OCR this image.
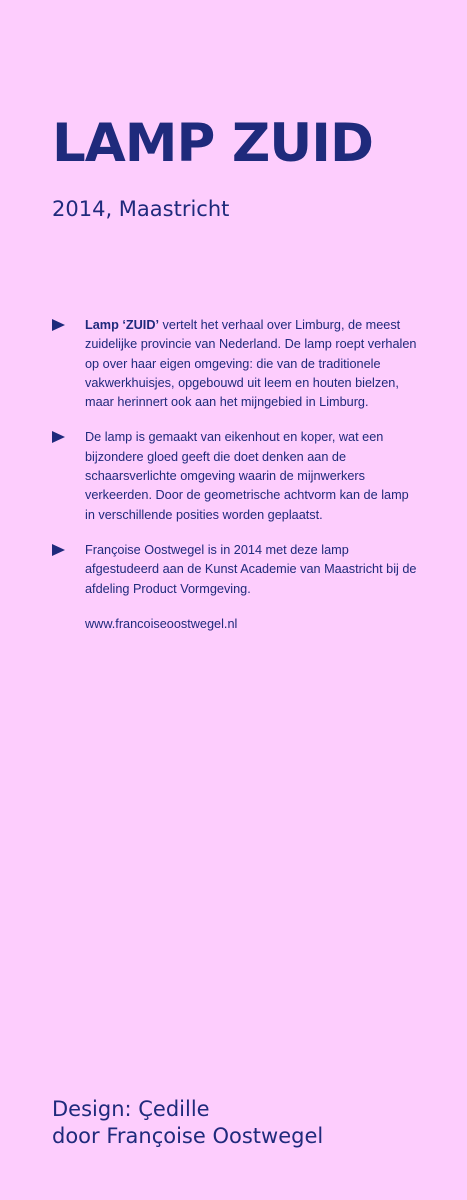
LAMP ZUID
2014, Maastricht
Lamp ‘ZUID’ vertelt het verhaal over Limburg, de meest zuidelijke provincie van Nederland. De lamp roept verhalen op over haar eigen omgeving: die van de traditionele vakwerkhuisjes, opgebouwd uit leem en houten bielzen, maar herinnert ook aan het mijngebied in Limburg.
De lamp is gemaakt van eikenhout en koper, wat een bijzondere gloed geeft die doet denken aan de schaarsverlichte omgeving waarin de mijnwerkers verkeerden. Door de geometrische achtvorm kan de lamp in verschillende posities worden geplaatst.
Françoise Oostwegel is in 2014 met deze lamp afgestudeerd aan de Kunst Academie van Maastricht bij de afdeling Product Vormgeving.
www.francoiseoostwegel.nl
Design: Çedille
door Françoise Oostwegel
